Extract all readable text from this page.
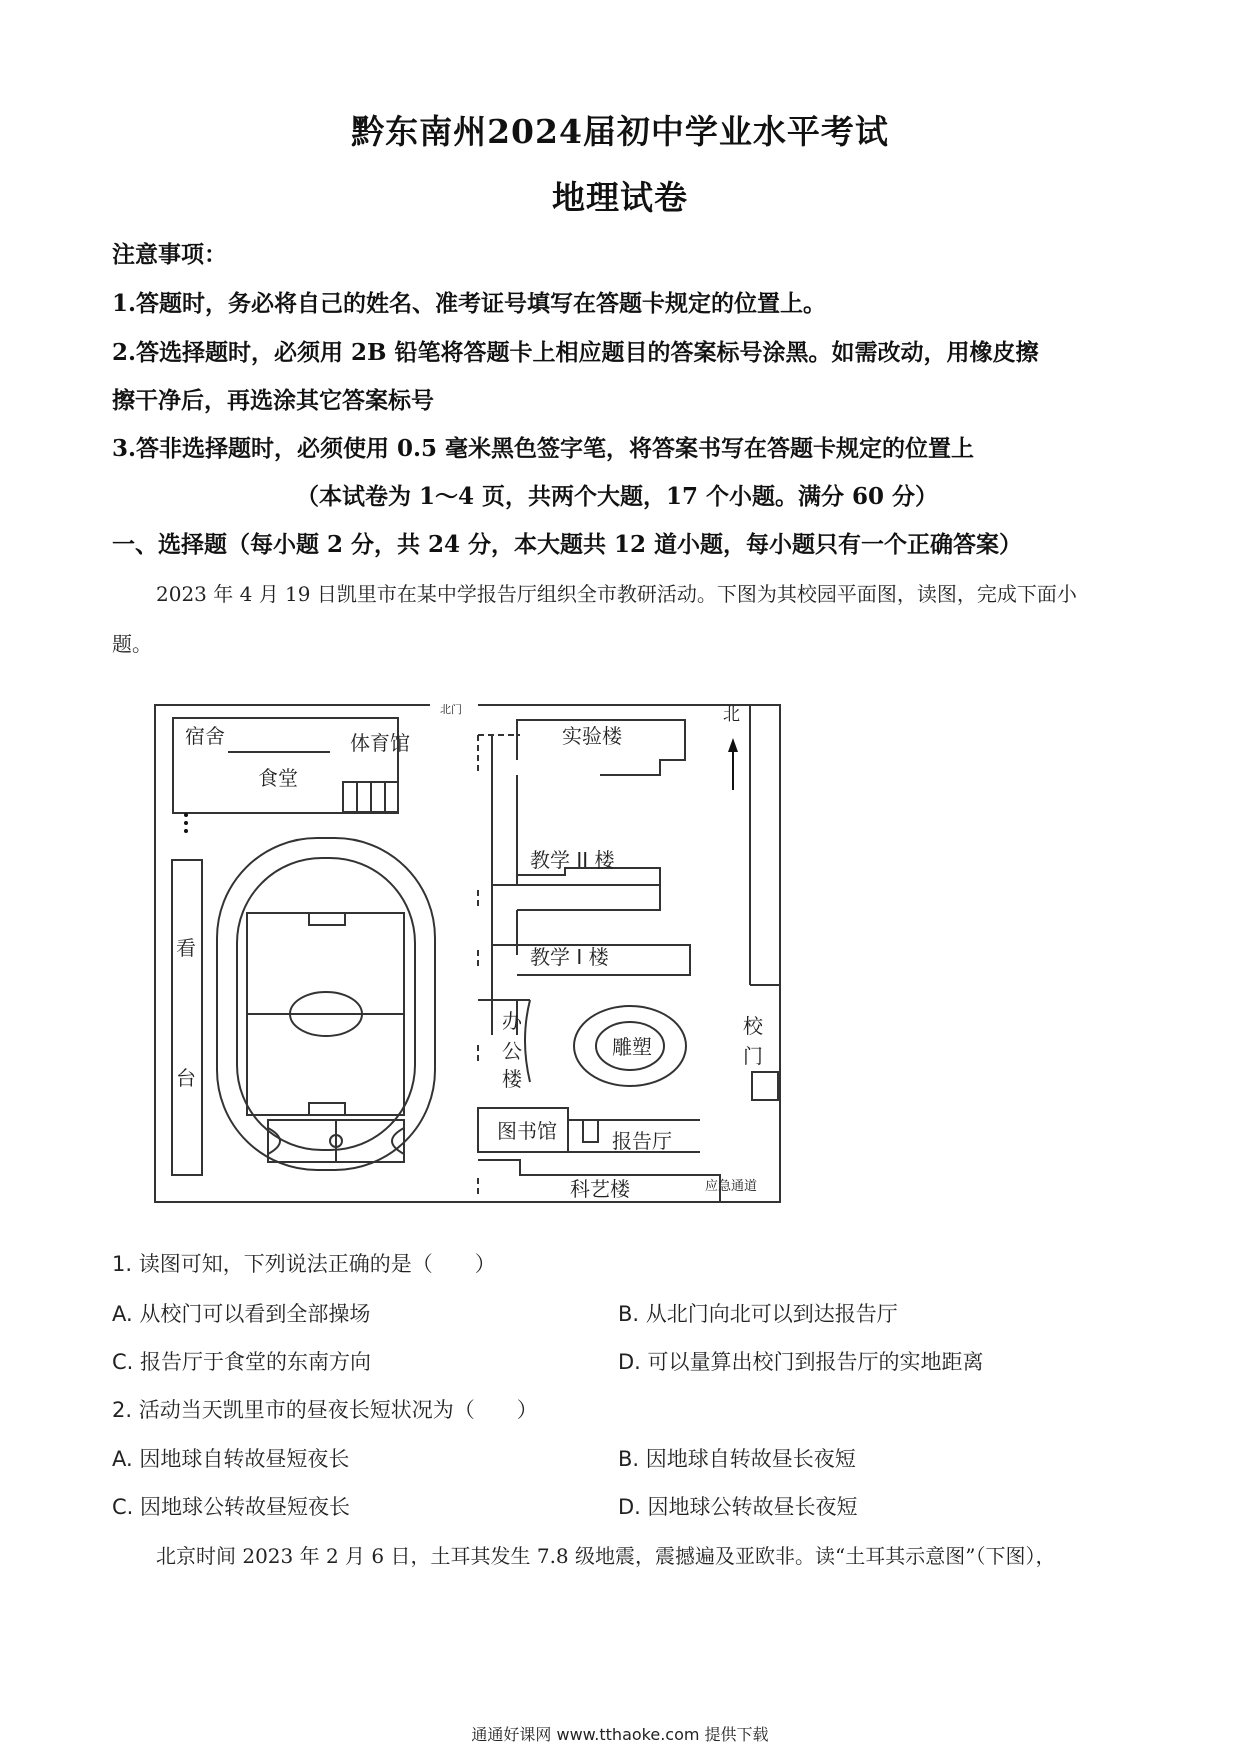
黔东南州2024届初中学业水平考试
地理试卷
注意事项：
1.答题时，务必将自己的姓名、准考证号填写在答题卡规定的位置上。
2.答选择题时，必须用 2B 铅笔将答题卡上相应题目的答案标号涂黑。如需改动，用橡皮擦
擦干净后，再选涂其它答案标号
3.答非选择题时，必须使用 0.5 毫米黑色签字笔，将答案书写在答题卡规定的位置上
（本试卷为 1～4 页，共两个大题，17 个小题。满分 60 分）
一、选择题（每小题 2 分，共 24 分，本大题共 12 道小题，每小题只有一个正确答案）
2023 年 4 月 19 日凯里市在某中学报告厅组织全市教研活动。下图为其校园平面图，读图，完成下面小
题。
北门	北
宿舍	体育馆
食堂
实验楼
教学 II 楼
教学 I 楼
看
台
办
公
楼
雕塑
校
门
图书馆	报告厅
科艺楼	应急通道
1. 读图可知，下列说法正确的是（　　）
A. 从校门可以看到全部操场	B. 从北门向北可以到达报告厅
C. 报告厅于食堂的东南方向	D. 可以量算出校门到报告厅的实地距离
2. 活动当天凯里市的昼夜长短状况为（　　）
A. 因地球自转故昼短夜长	B. 因地球自转故昼长夜短
C. 因地球公转故昼短夜长	D. 因地球公转故昼长夜短
北京时间 2023 年 2 月 6 日，土耳其发生 7.8 级地震，震撼遍及亚欧非。读“土耳其示意图”（下图），
通通好课网 www.tthaoke.com 提供下载
